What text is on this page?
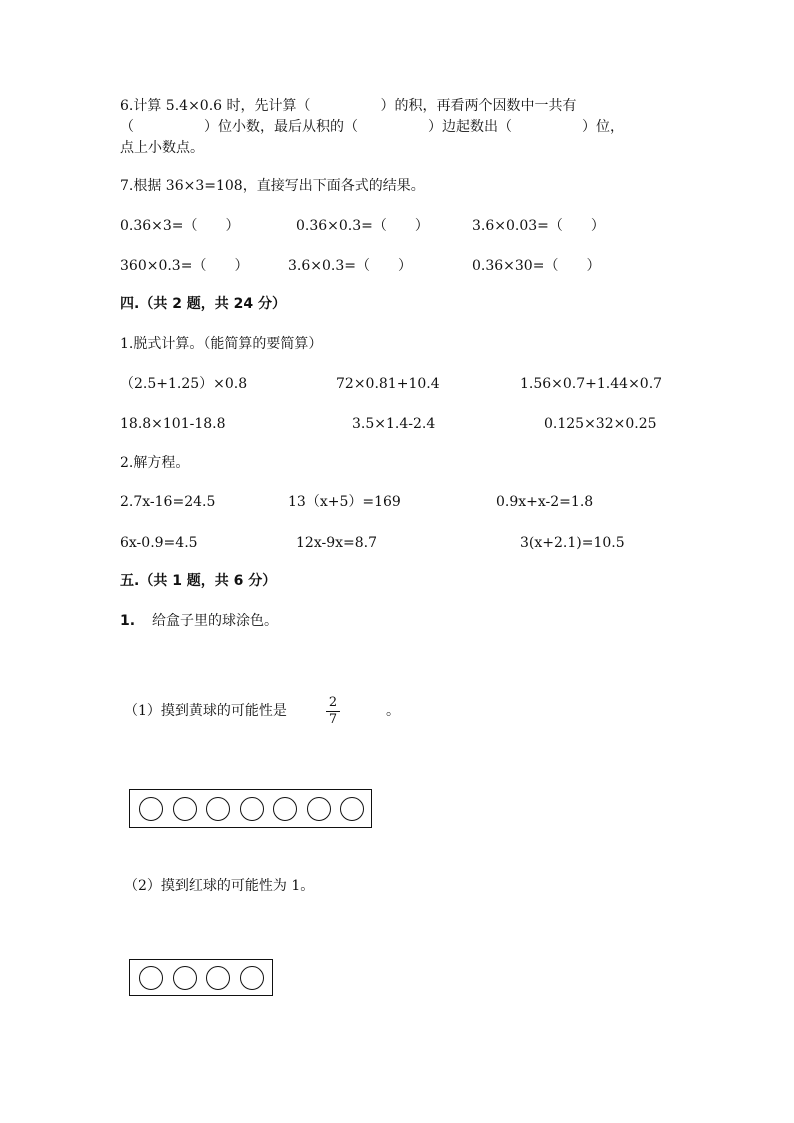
6.计算 5.4×0.6 时，先计算（　　　　　）的积，再看两个因数中一共有
（　　　　　）位小数，最后从积的（　　　　　）边起数出（　　　　　）位，
点上小数点。
7.根据 36×3=108，直接写出下面各式的结果。
0.36×3=（　　）	0.36×0.3=（　　）	3.6×0.03=（　　）
360×0.3=（　　）	3.6×0.3=（　　）	0.36×30=（　　）
四.（共 2 题，共 24 分）
1.脱式计算。（能简算的要简算）
（2.5+1.25）×0.8	72×0.81+10.4	1.56×0.7+1.44×0.7
18.8×101-18.8	3.5×1.4-2.4	0.125×32×0.25
2.解方程。
2.7x-16=24.5	13（x+5）=169	0.9x+x-2=1.8
6x-0.9=4.5	12x-9x=8.7	3(x+2.1)=10.5
五.（共 1 题，共 6 分）
1. 给盒子里的球涂色。
（1）摸到黄球的可能性是
2
7
。
（2）摸到红球的可能性为 1。
